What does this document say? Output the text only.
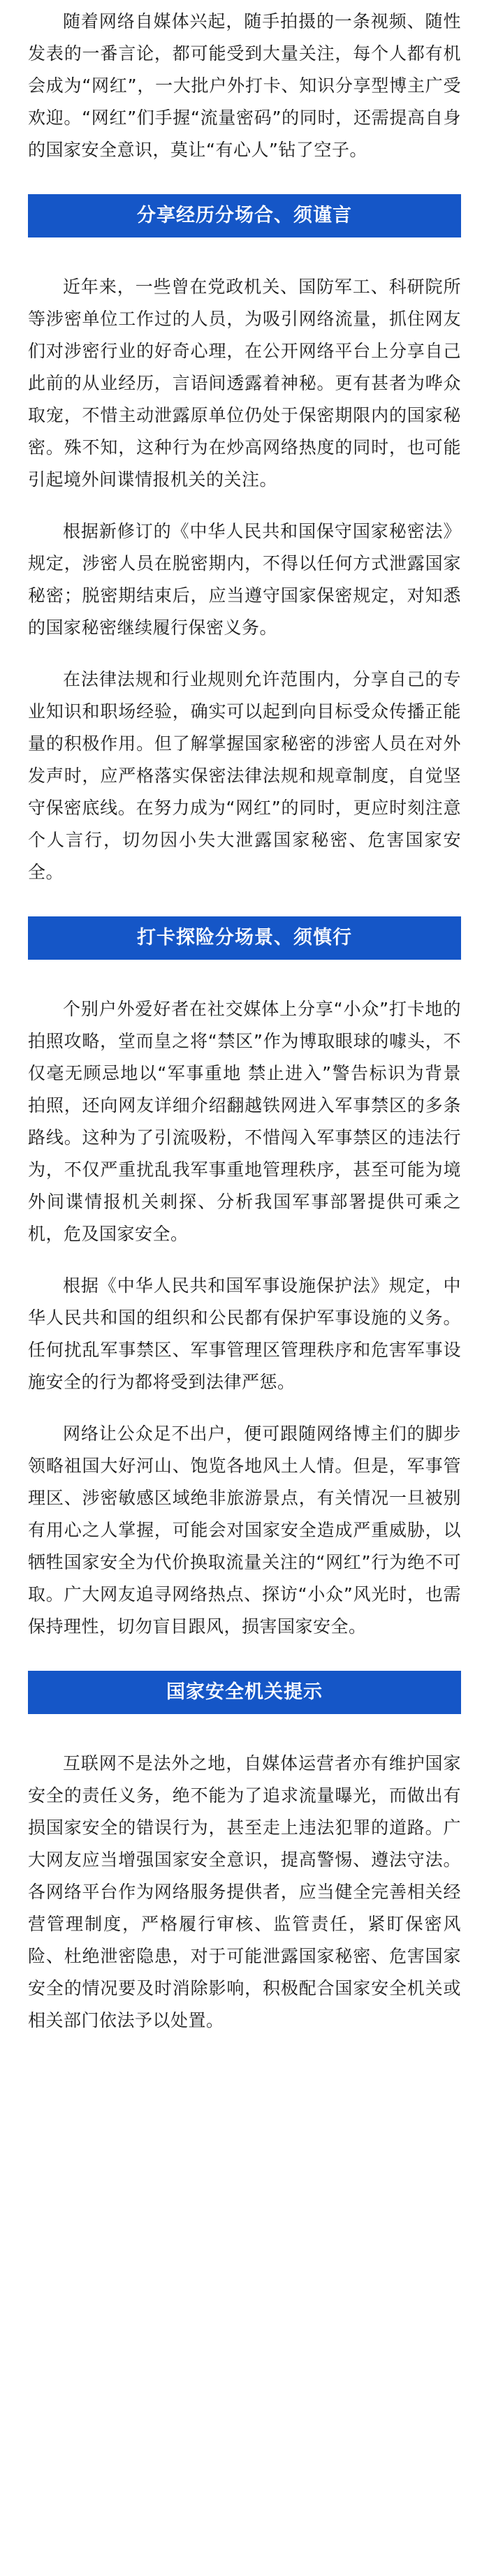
随着网络自媒体兴起，随手拍摄的一条视频、随性发表的一番言论，都可能受到大量关注，每个人都有机会成为“网红”，一大批户外打卡、知识分享型博主广受欢迎。“网红”们手握“流量密码”的同时，还需提高自身的国家安全意识，莫让“有心人”钻了空子。

分享经历分场合、须谨言

近年来，一些曾在党政机关、国防军工、科研院所等涉密单位工作过的人员，为吸引网络流量，抓住网友们对涉密行业的好奇心理，在公开网络平台上分享自己此前的从业经历，言语间透露着神秘。更有甚者为哗众取宠，不惜主动泄露原单位仍处于保密期限内的国家秘密。殊不知，这种行为在炒高网络热度的同时，也可能引起境外间谍情报机关的关注。

根据新修订的《中华人民共和国保守国家秘密法》规定，涉密人员在脱密期内，不得以任何方式泄露国家秘密；脱密期结束后，应当遵守国家保密规定，对知悉的国家秘密继续履行保密义务。

在法律法规和行业规则允许范围内，分享自己的专业知识和职场经验，确实可以起到向目标受众传播正能量的积极作用。但了解掌握国家秘密的涉密人员在对外发声时，应严格落实保密法律法规和规章制度，自觉坚守保密底线。在努力成为“网红”的同时，更应时刻注意个人言行，切勿因小失大泄露国家秘密、危害国家安全。

打卡探险分场景、须慎行

个别户外爱好者在社交媒体上分享“小众”打卡地的拍照攻略，堂而皇之将“禁区”作为博取眼球的噱头，不仅毫无顾忌地以“军事重地 禁止进入”警告标识为背景拍照，还向网友详细介绍翻越铁网进入军事禁区的多条路线。这种为了引流吸粉，不惜闯入军事禁区的违法行为，不仅严重扰乱我军事重地管理秩序，甚至可能为境外间谍情报机关刺探、分析我国军事部署提供可乘之机，危及国家安全。

根据《中华人民共和国军事设施保护法》规定，中华人民共和国的组织和公民都有保护军事设施的义务。任何扰乱军事禁区、军事管理区管理秩序和危害军事设施安全的行为都将受到法律严惩。

网络让公众足不出户，便可跟随网络博主们的脚步领略祖国大好河山、饱览各地风土人情。但是，军事管理区、涉密敏感区域绝非旅游景点，有关情况一旦被别有用心之人掌握，可能会对国家安全造成严重威胁，以牺牲国家安全为代价换取流量关注的“网红”行为绝不可取。广大网友追寻网络热点、探访“小众”风光时，也需保持理性，切勿盲目跟风，损害国家安全。

国家安全机关提示

互联网不是法外之地，自媒体运营者亦有维护国家安全的责任义务，绝不能为了追求流量曝光，而做出有损国家安全的错误行为，甚至走上违法犯罪的道路。广大网友应当增强国家安全意识，提高警惕、遵法守法。各网络平台作为网络服务提供者，应当健全完善相关经营管理制度，严格履行审核、监管责任，紧盯保密风险、杜绝泄密隐患，对于可能泄露国家秘密、危害国家安全的情况要及时消除影响，积极配合国家安全机关或相关部门依法予以处置。
